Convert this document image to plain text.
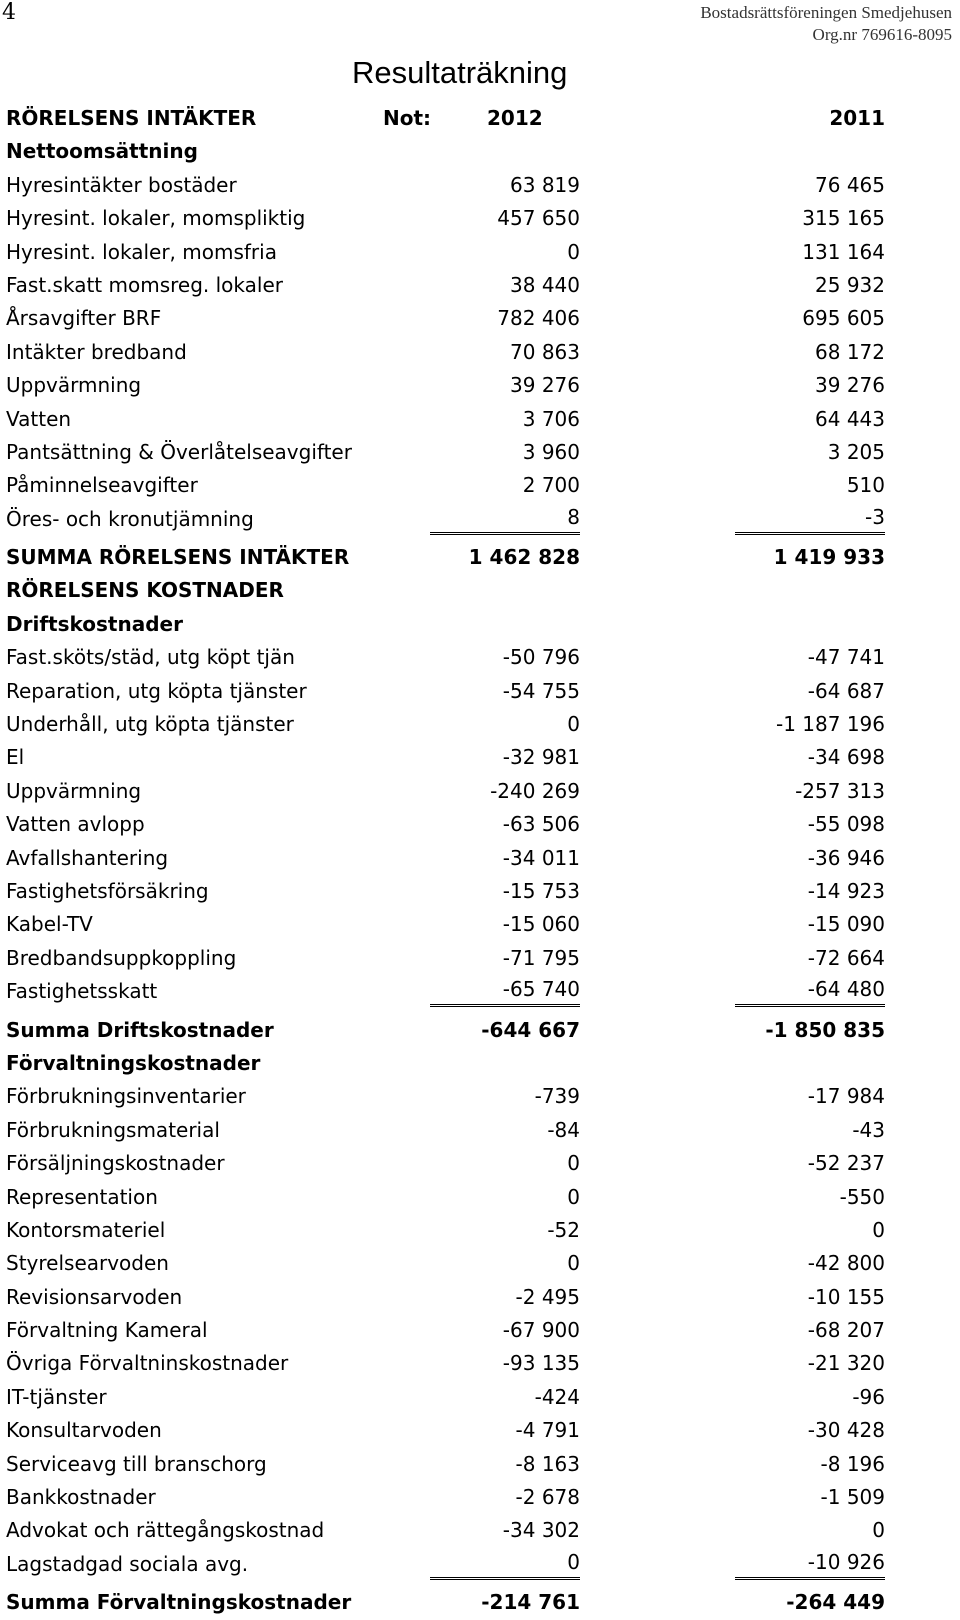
4	Bostadsrättsföreningen Smedjehusen
Org.nr 769616-8095
Resultaträkning
RÖRELSENS INTÄKTER	Not:	2012	2011
Nettoomsättning
Hyresintäkter bostäder	63 819	76 465
Hyresint. lokaler, momspliktig	457 650	315 165
Hyresint. lokaler, momsfria	0	131 164
Fast.skatt momsreg. lokaler	38 440	25 932
Årsavgifter BRF	782 406	695 605
Intäkter bredband	70 863	68 172
Uppvärmning	39 276	39 276
Vatten	3 706	64 443
Pantsättning & Överlåtelseavgifter	3 960	3 205
Påminnelseavgifter	2 700	510
Öres- och kronutjämning	8	-3
SUMMA RÖRELSENS INTÄKTER	1 462 828	1 419 933
RÖRELSENS KOSTNADER
Driftskostnader
Fast.sköts/städ, utg köpt tjän	-50 796	-47 741
Reparation, utg köpta tjänster	-54 755	-64 687
Underhåll, utg köpta tjänster	0	-1 187 196
El	-32 981	-34 698
Uppvärmning	-240 269	-257 313
Vatten avlopp	-63 506	-55 098
Avfallshantering	-34 011	-36 946
Fastighetsförsäkring	-15 753	-14 923
Kabel-TV	-15 060	-15 090
Bredbandsuppkoppling	-71 795	-72 664
Fastighetsskatt	-65 740	-64 480
Summa Driftskostnader	-644 667	-1 850 835
Förvaltningskostnader
Förbrukningsinventarier	-739	-17 984
Förbrukningsmaterial	-84	-43
Försäljningskostnader	0	-52 237
Representation	0	-550
Kontorsmateriel	-52	0
Styrelsearvoden	0	-42 800
Revisionsarvoden	-2 495	-10 155
Förvaltning Kameral	-67 900	-68 207
Övriga Förvaltninskostnader	-93 135	-21 320
IT-tjänster	-424	-96
Konsultarvoden	-4 791	-30 428
Serviceavg till branschorg	-8 163	-8 196
Bankkostnader	-2 678	-1 509
Advokat och rättegångskostnad	-34 302	0
Lagstadgad sociala avg.	0	-10 926
Summa Förvaltningskostnader	-214 761	-264 449
